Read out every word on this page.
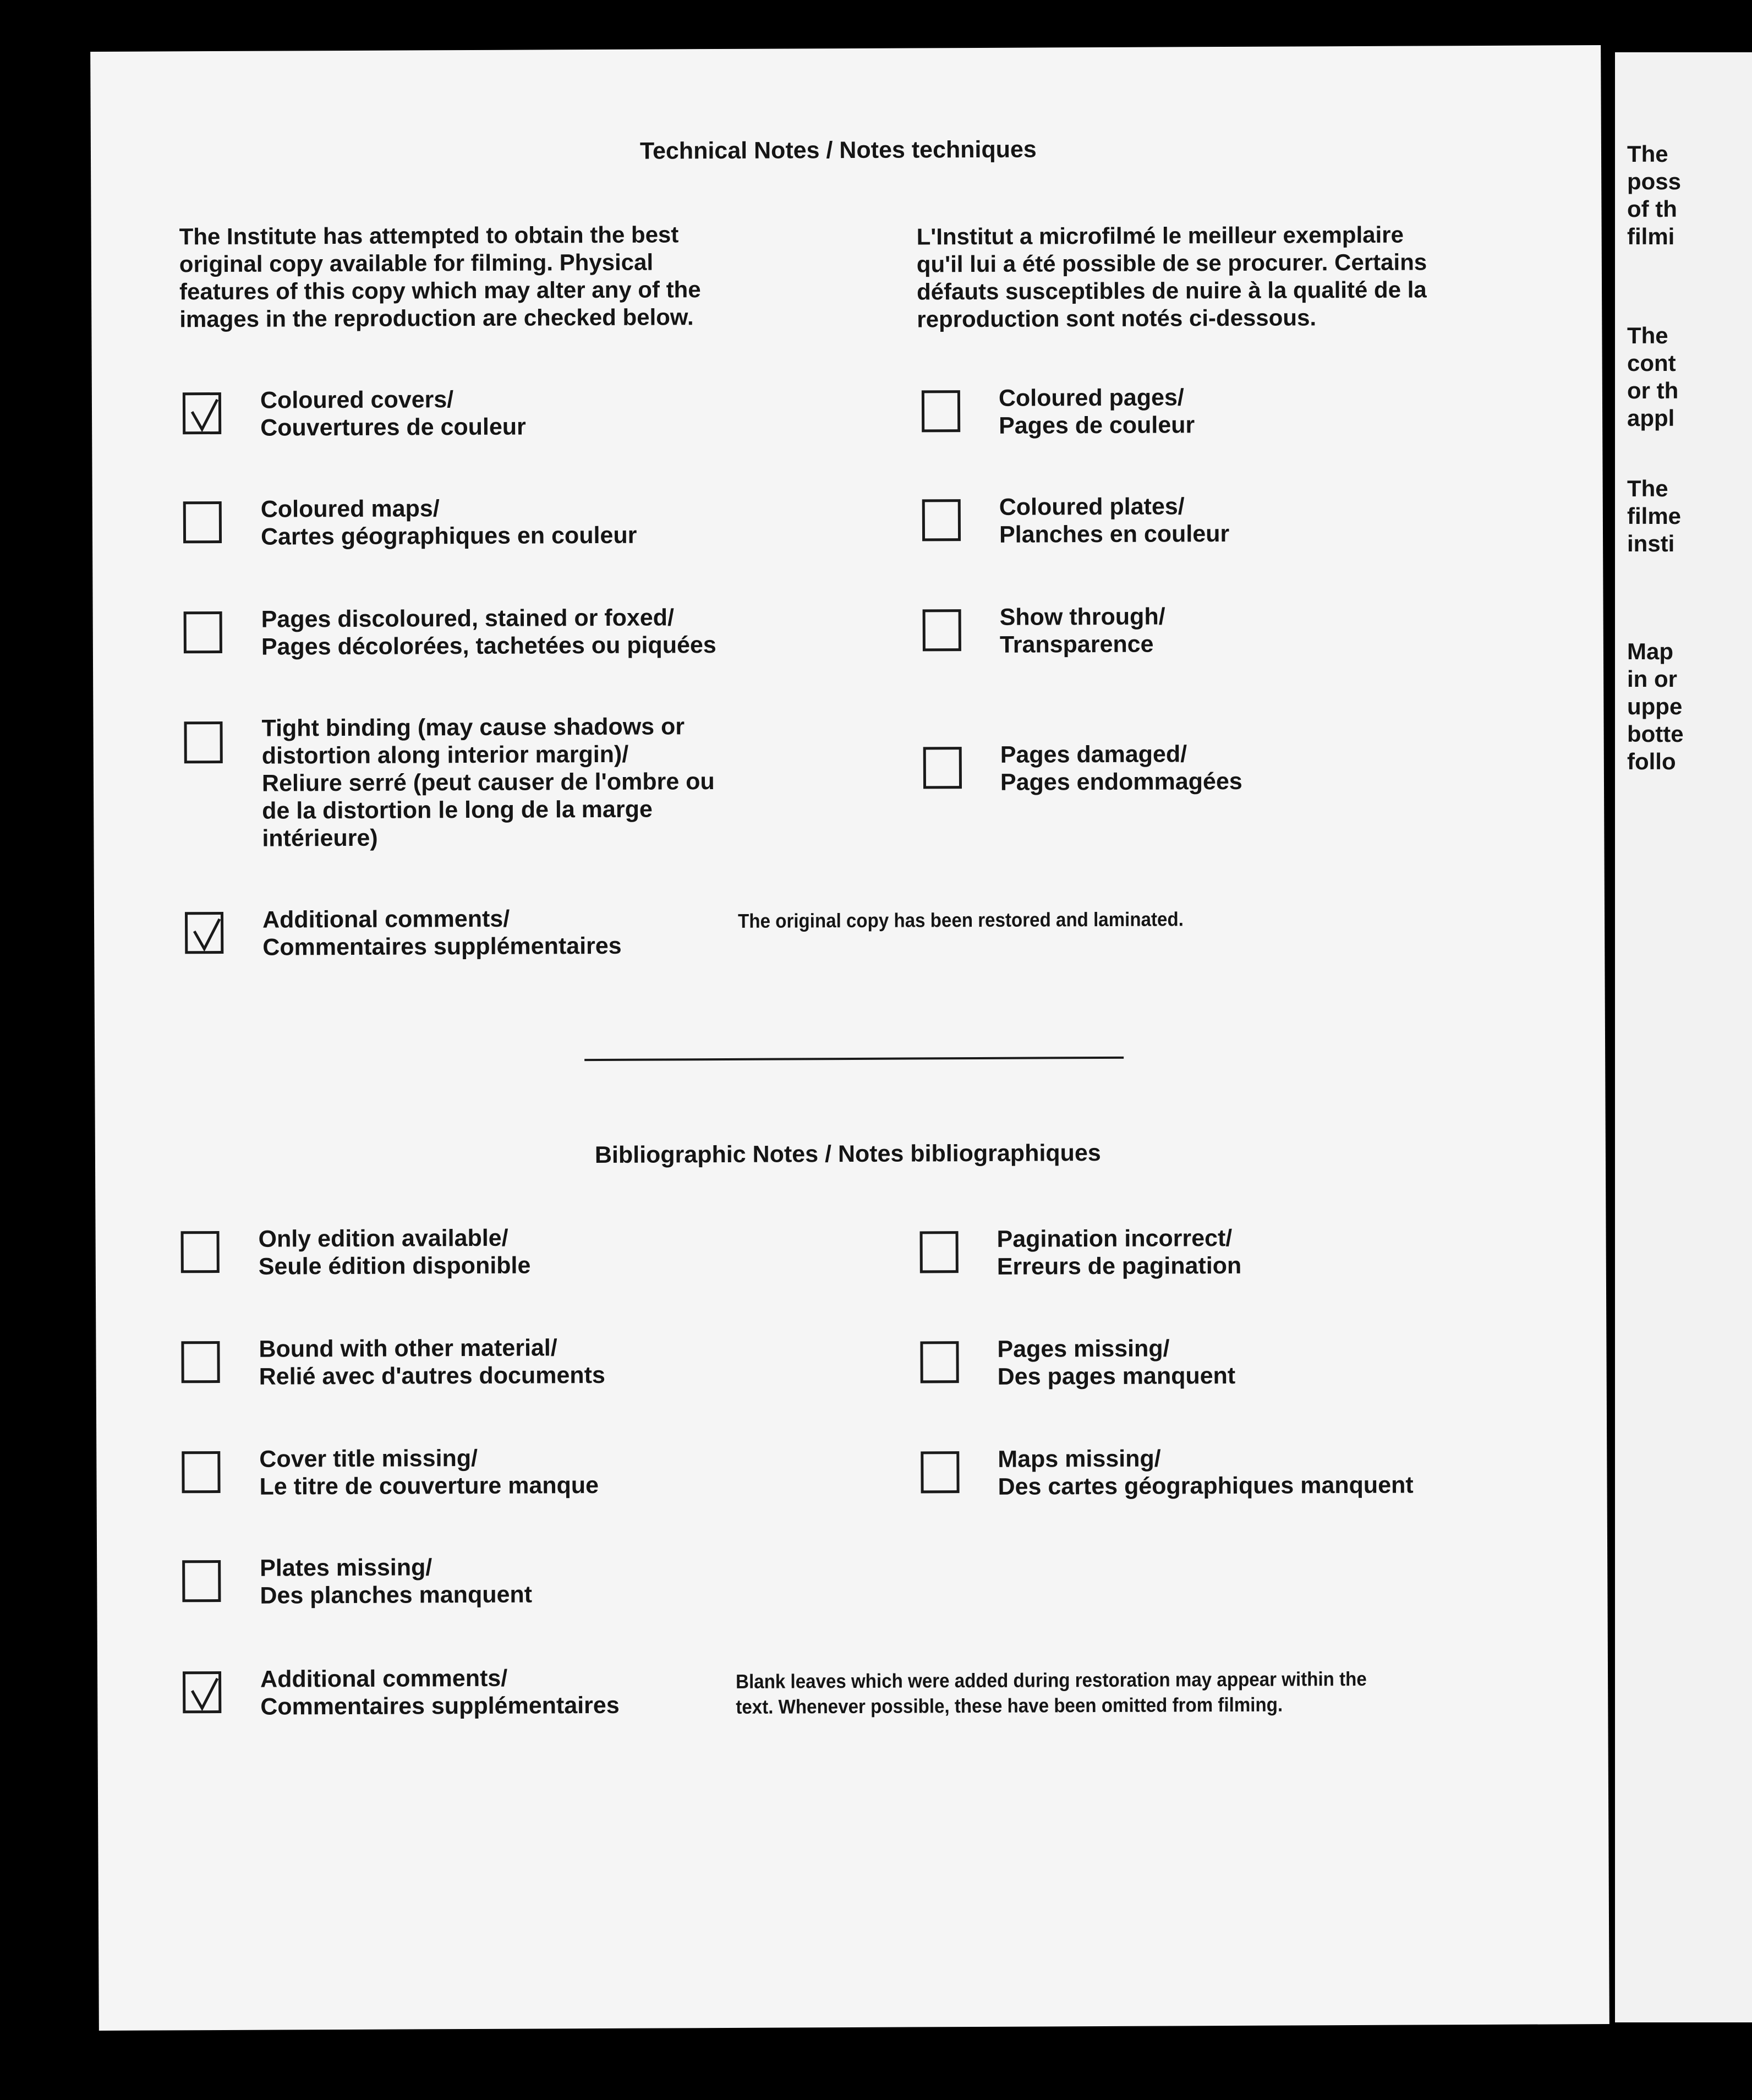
Technical Notes / Notes techniques
The Institute has attempted to obtain the best
original copy available for filming. Physical
features of this copy which may alter any of the
images in the reproduction are checked below.
L'Institut a microfilmé le meilleur exemplaire
qu'il lui a été possible de se procurer. Certains
défauts susceptibles de nuire à la qualité de la
reproduction sont notés ci-dessous.
Coloured covers/
Couvertures de couleur
Coloured pages/
Pages de couleur
Coloured maps/
Cartes géographiques en couleur
Coloured plates/
Planches en couleur
Pages discoloured, stained or foxed/
Pages décolorées, tachetées ou piquées
Show through/
Transparence
Tight binding (may cause shadows or
distortion along interior margin)/
Reliure serré (peut causer de l'ombre ou
de la distortion le long de la marge
intérieure)
Pages damaged/
Pages endommagées
Additional comments/
Commentaires supplémentaires
The original copy has been restored and laminated.
Bibliographic Notes / Notes bibliographiques
Only edition available/
Seule édition disponible
Pagination incorrect/
Erreurs de pagination
Bound with other material/
Relié avec d'autres documents
Pages missing/
Des pages manquent
Cover title missing/
Le titre de couverture manque
Maps missing/
Des cartes géographiques manquent
Plates missing/
Des planches manquent
Additional comments/
Commentaires supplémentaires
Blank leaves which were added during restoration may appear within the
text. Whenever possible, these have been omitted from filming.
The
poss
of th
filmi
The
cont
or th
appl
The
filme
insti
Map
in or
uppe
botte
follo
